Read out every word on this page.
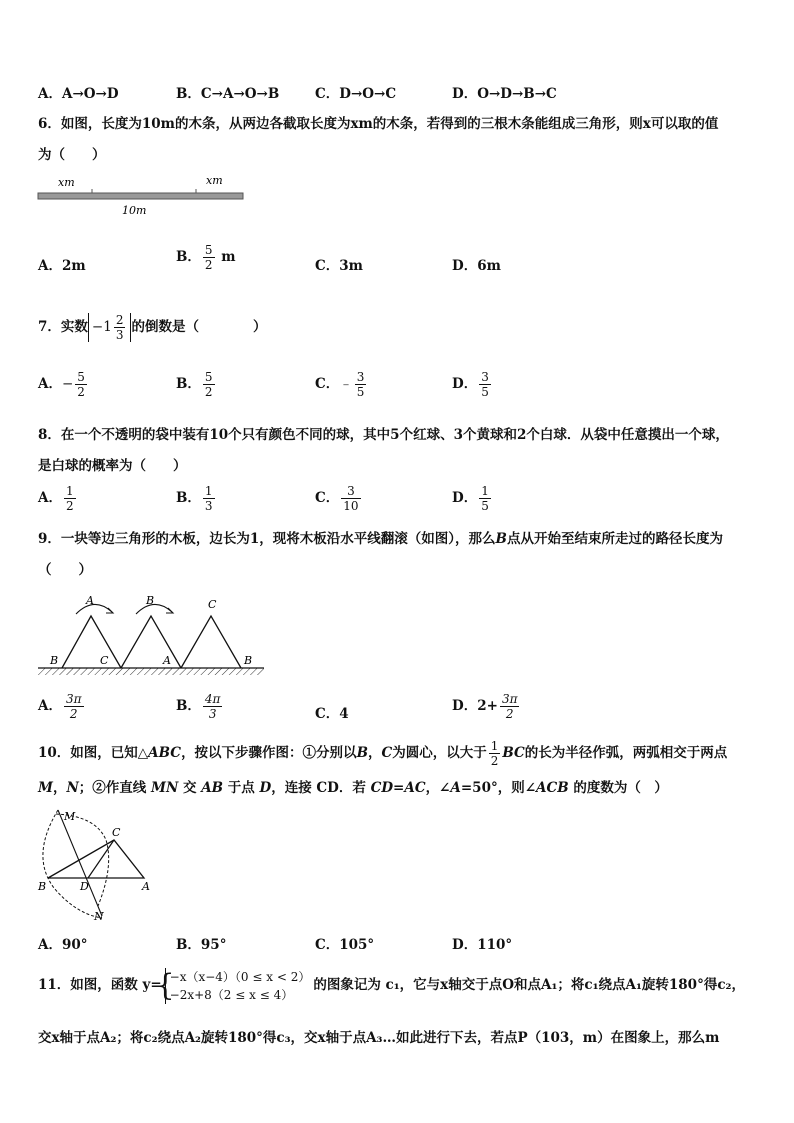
A．A→O→D	B．C→A→O→B	C．D→O→C	D．O→D→B→C
6．如图，长度为10m的木条，从两边各截取长度为xm的木条，若得到的三根木条能组成三角形，则x可以取的值
为（　　）
xm	xm
10m
A．2m
B． $\frac{5}{2}$ m
C．3m	D．6m
7．实数 $-1 \frac{2}{3}$ 的倒数是（　　　　）
A．− $\frac{5}{2}$	B． $\frac{5}{2}$	C．﹣ $\frac{3}{5}$	D． $\frac{3}{5}$
8．在一个不透明的袋中装有10个只有颜色不同的球，其中5个红球、3个黄球和2个白球．从袋中任意摸出一个球，
是白球的概率为（　　）
A． $\frac{1}{2}$	B． $\frac{1}{3}$	C． $\frac{3}{10}$	D． $\frac{1}{5}$
9．一块等边三角形的木板，边长为1，现将木板沿水平线翻滚（如图），那么B点从开始至结束所走过的路径长度为
（　　）
A
B	C
B	C
A	B
A． $\frac{3\pi}{2}$	B． $\frac{4\pi}{3}$	C．4	D．$2+ \frac{3\pi}{2}$
10．如图，已知△ABC，按以下步骤作图：①分别以B，C为圆心，以大于 $\frac{1}{2}$ BC的长为半径作弧，两弧相交于两点
M，N；②作直线 MN 交 AB 于点 D，连接 CD．若 CD=AC，∠A=50°，则∠ACB 的度数为（　）
M
C
B	D	A
N
A．90°	B．95°	C．105°	D．110°
11．如图，函数 y=
{ −x（x−4）（0 ≤ x < 2）
−2x+8（2 ≤ x ≤ 4）
的图象记为 c₁，它与x轴交于点O和点A₁；将c₁绕点A₁旋转180°得c₂，
交x轴于点A₂；将c₂绕点A₂旋转180°得c₃，交x轴于点A₃…如此进行下去，若点P（103，m）在图象上，那么m
